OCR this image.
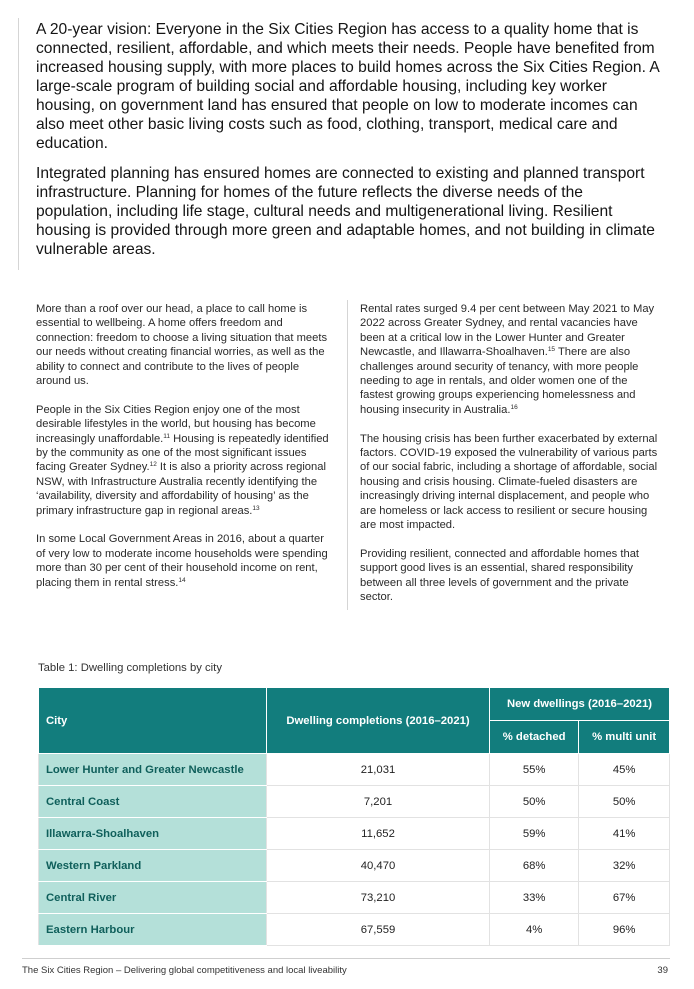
A 20-year vision: Everyone in the Six Cities Region has access to a quality home that is connected, resilient, affordable, and which meets their needs. People have benefited from increased housing supply, with more places to build homes across the Six Cities Region. A large-scale program of building social and affordable housing, including key worker housing, on government land has ensured that people on low to moderate incomes can also meet other basic living costs such as food, clothing, transport, medical care and education.

Integrated planning has ensured homes are connected to existing and planned transport infrastructure. Planning for homes of the future reflects the diverse needs of the population, including life stage, cultural needs and multigenerational living. Resilient housing is provided through more green and adaptable homes, and not building in climate vulnerable areas.

More than a roof over our head, a place to call home is essential to wellbeing. A home offers freedom and connection: freedom to choose a living situation that meets our needs without creating financial worries, as well as the ability to connect and contribute to the lives of people around us.

People in the Six Cities Region enjoy one of the most desirable lifestyles in the world, but housing has become increasingly unaffordable.$^{11}$ Housing is repeatedly identified by the community as one of the most significant issues facing Greater Sydney.$^{12}$ It is also a priority across regional NSW, with Infrastructure Australia recently identifying the ‘availability, diversity and affordability of housing’ as the primary infrastructure gap in regional areas.$^{13}$

In some Local Government Areas in 2016, about a quarter of very low to moderate income households were spending more than 30 per cent of their household income on rent, placing them in rental stress.$^{14}$

Rental rates surged 9.4 per cent between May 2021 to May 2022 across Greater Sydney, and rental vacancies have been at a critical low in the Lower Hunter and Greater Newcastle, and Illawarra-Shoalhaven.$^{15}$ There are also challenges around security of tenancy, with more people needing to age in rentals, and older women one of the fastest growing groups experiencing homelessness and housing insecurity in Australia.$^{16}$

The housing crisis has been further exacerbated by external factors. COVID-19 exposed the vulnerability of various parts of our social fabric, including a shortage of affordable, social housing and crisis housing. Climate-fueled disasters are increasingly driving internal displacement, and people who are homeless or lack access to resilient or secure housing are most impacted.

Providing resilient, connected and affordable homes that support good lives is an essential, shared responsibility between all three levels of government and the private sector.

Table 1: Dwelling completions by city
City	Dwelling completions (2016–2021)	New dwellings (2016–2021)	
		% detached	% multi unit
Lower Hunter and Greater Newcastle	21,031	55%	45%
Central Coast	7,201	50%	50%
Illawarra-Shoalhaven	11,652	59%	41%
Western Parkland	40,470	68%	32%
Central River	73,210	33%	67%
Eastern Harbour	67,559	4%	96%
The Six Cities Region – Delivering global competitiveness and local liveability	39
